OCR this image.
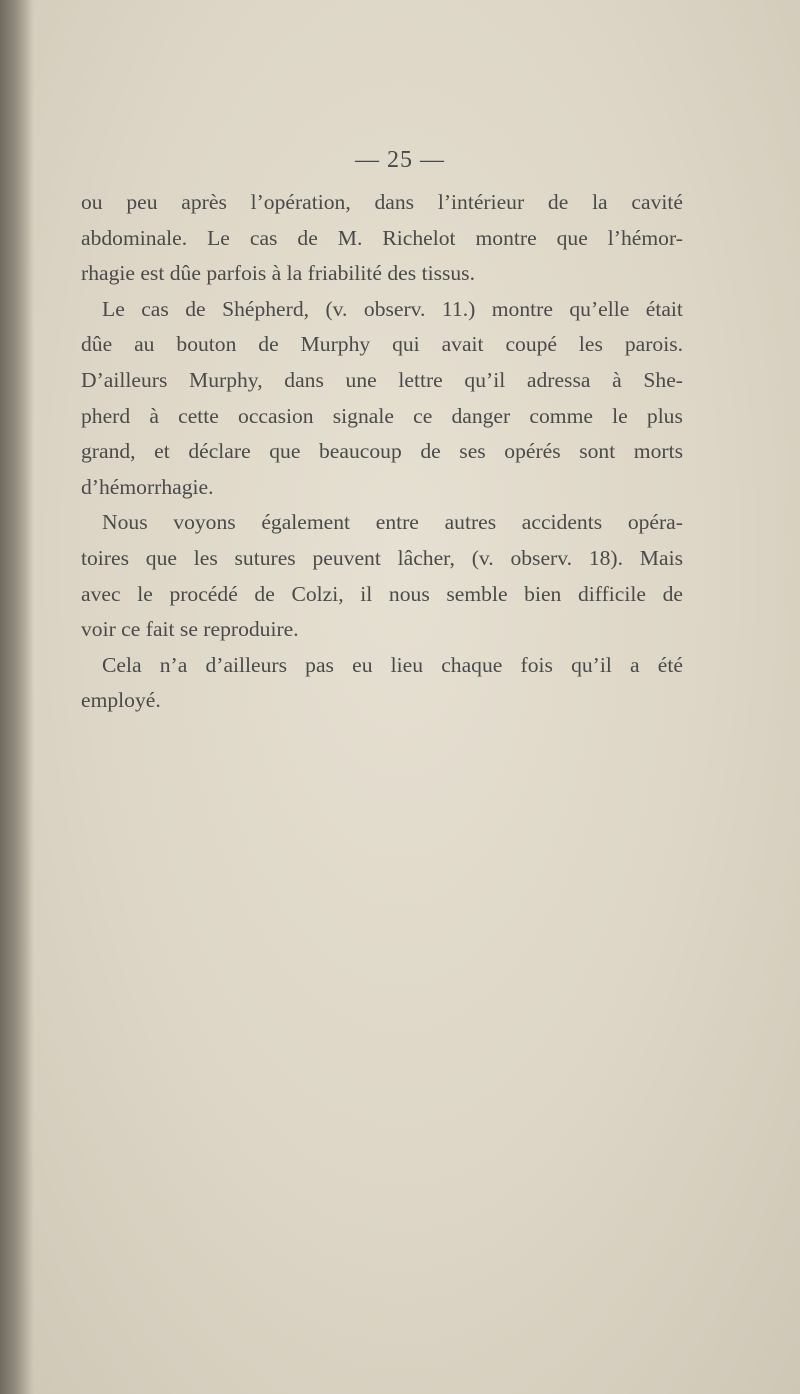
— 25 —
ou peu après l’opération, dans l’intérieur de la cavité
abdominale. Le cas de M. Richelot montre que l’hémor-
rhagie est dûe parfois à la friabilité des tissus.
Le cas de Shépherd, (v. observ. 11.) montre qu’elle était
dûe au bouton de Murphy qui avait coupé les parois.
D’ailleurs Murphy, dans une lettre qu’il adressa à She-
pherd à cette occasion signale ce danger comme le plus
grand, et déclare que beaucoup de ses opérés sont morts
d’hémorrhagie.
Nous voyons également entre autres accidents opéra-
toires que les sutures peuvent lâcher, (v. observ. 18). Mais
avec le procédé de Colzi, il nous semble bien difficile de
voir ce fait se reproduire.
Cela n’a d’ailleurs pas eu lieu chaque fois qu’il a été
employé.
